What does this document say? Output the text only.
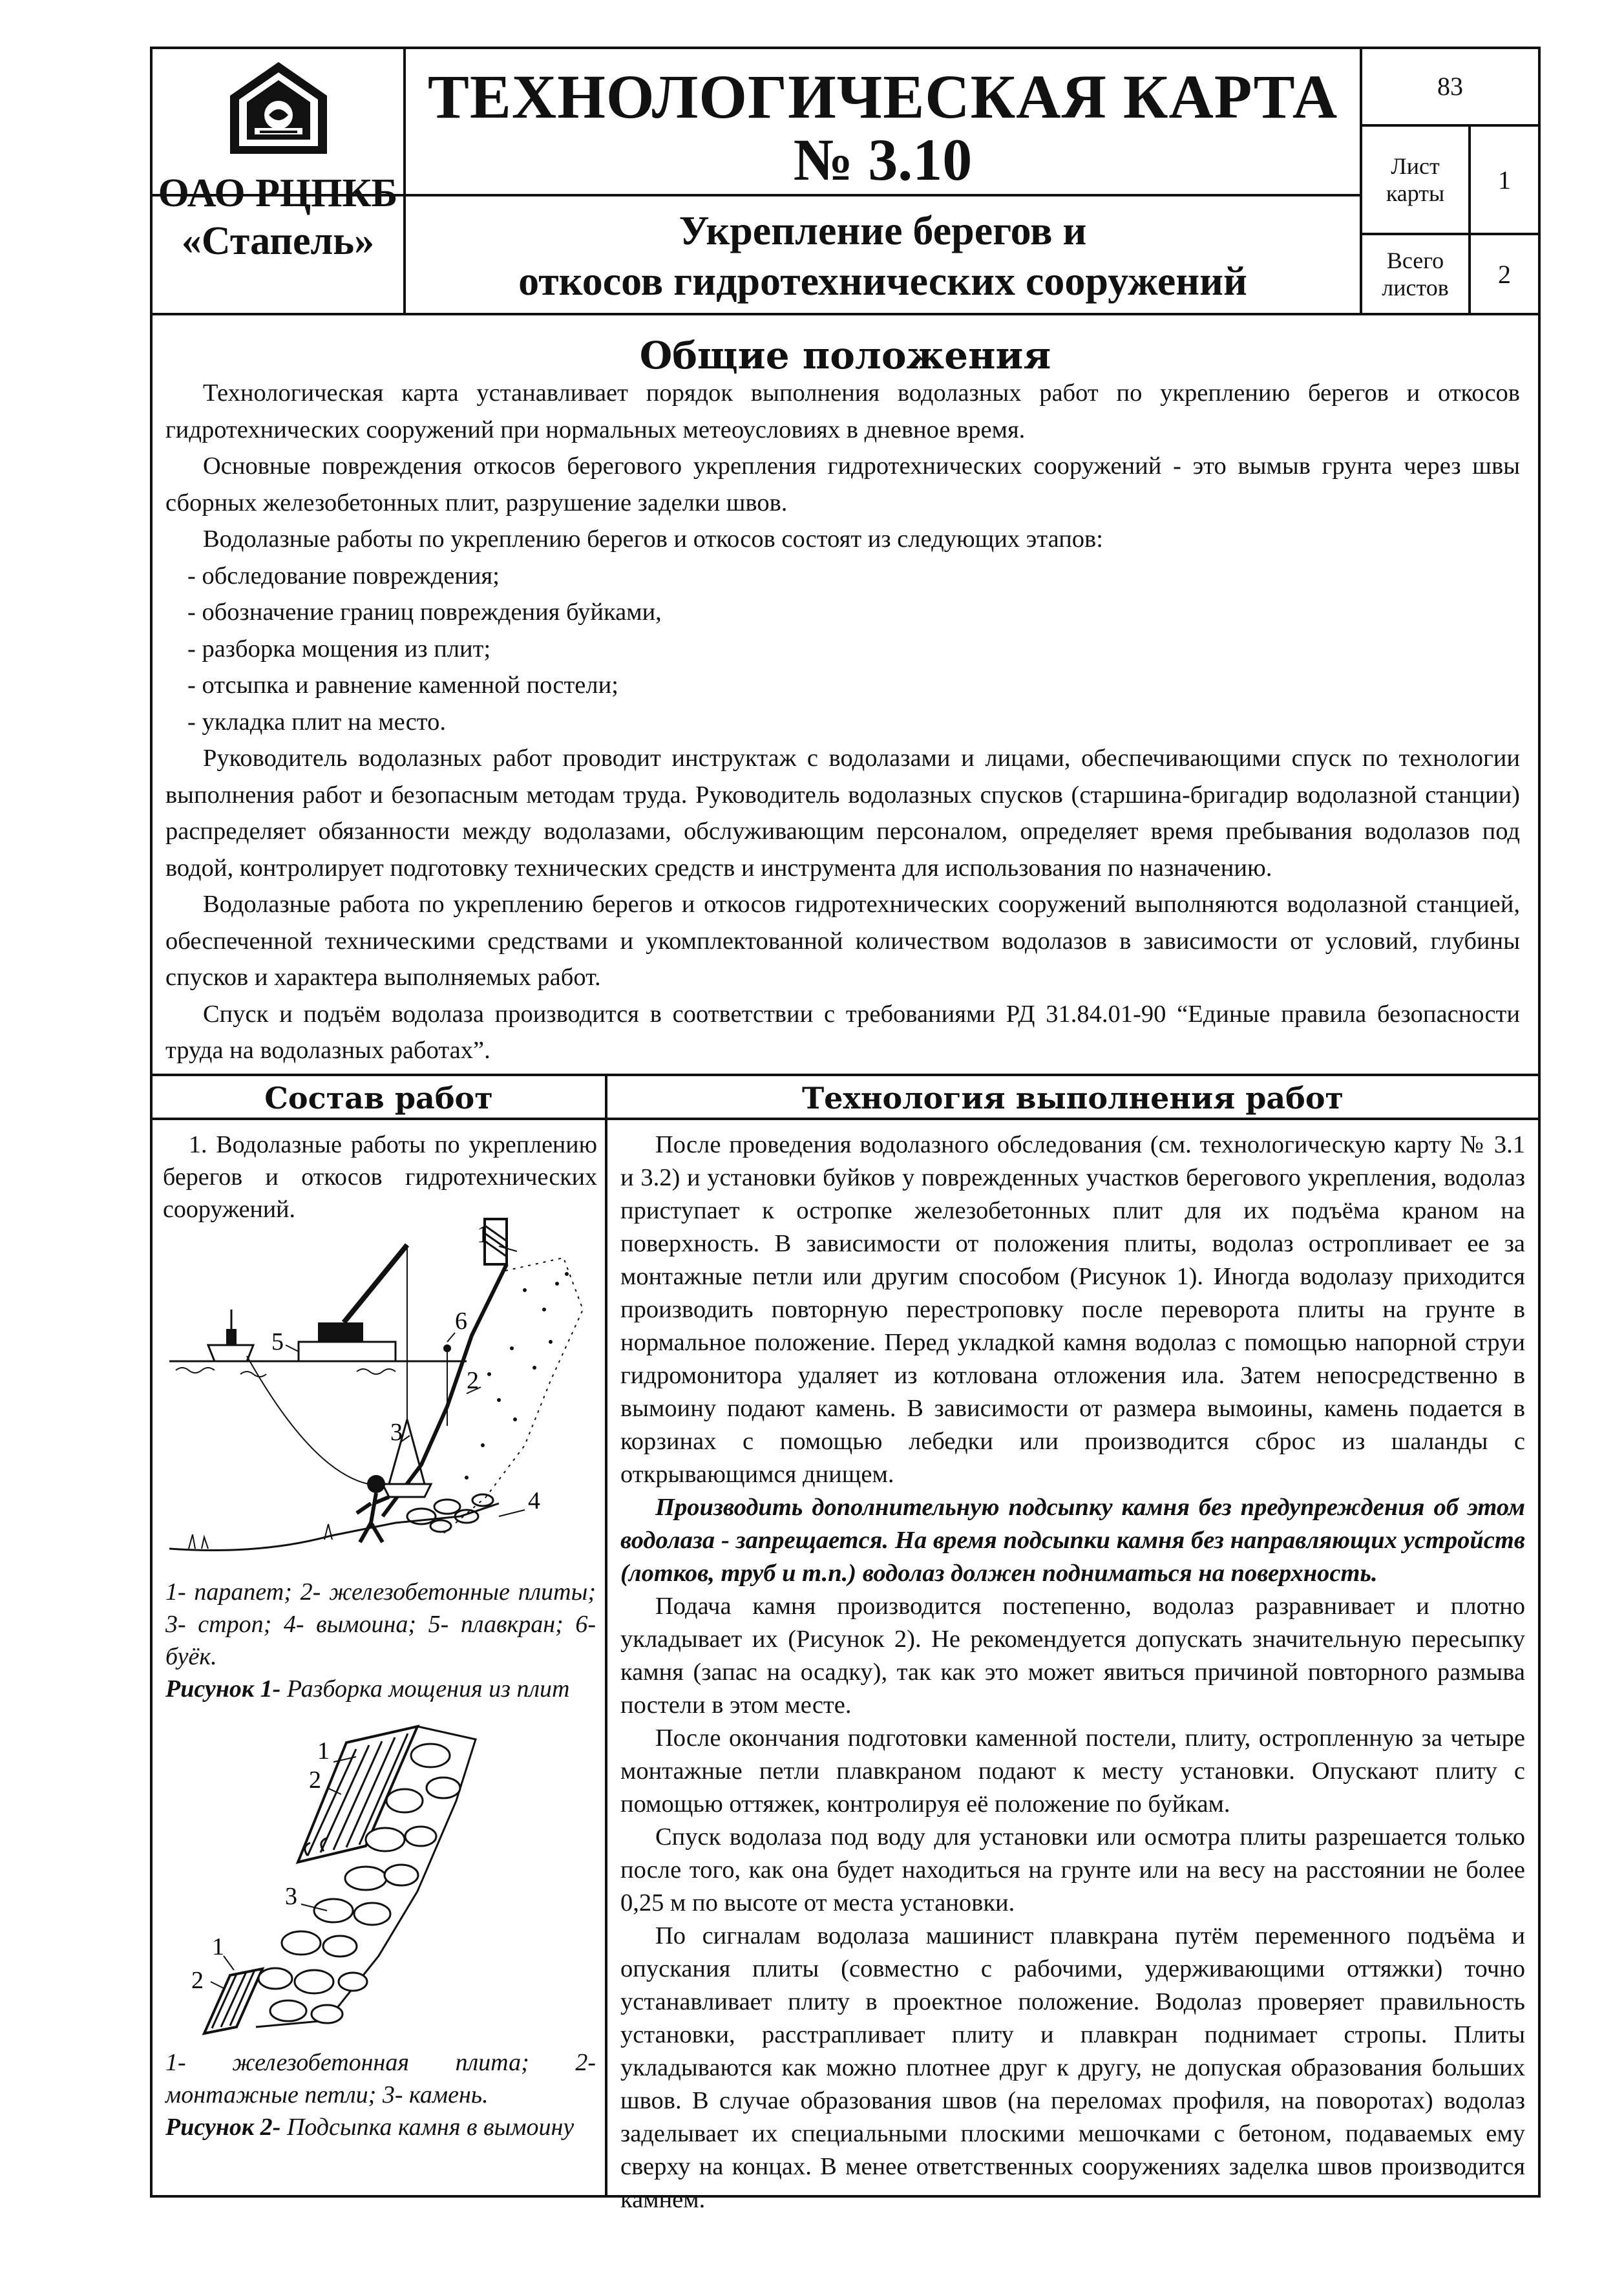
ОАО РЦПКБ
«Стапель»
ТЕХНОЛОГИЧЕСКАЯ КАРТА
№ 3.10
Укрепление берегов и
откосов гидротехнических сооружений
83
Лист
карты	1
Всего
листов	2
Общие положения

Технологическая карта устанавливает порядок выполнения водолазных работ по укреплению берегов и откосов гидротехнических сооружений при нормальных метеоусловиях в дневное время.

Основные повреждения откосов берегового укрепления гидротехнических сооружений - это вымыв грунта через швы сборных железобетонных плит, разрушение заделки швов.

Водолазные работы по укреплению берегов и откосов состоят из следующих этапов:

- обследование повреждения;

- обозначение границ повреждения буйками,

- разборка мощения из плит;

- отсыпка и равнение каменной постели;

- укладка плит на место.

Руководитель водолазных работ проводит инструктаж с водолазами и лицами, обеспечивающими спуск по технологии выполнения работ и безопасным методам труда. Руководитель водолазных спусков (старшина-бригадир водолазной станции) распределяет обязанности между водолазами, обслуживающим персоналом, определяет время пребывания водолазов под водой, контролирует подготовку технических средств и инструмента для использования по назначению.

Водолазные работа по укреплению берегов и откосов гидротехнических сооружений выполняются водолазной станцией, обеспеченной техническими средствами и укомплектованной количеством водолазов в зависимости от условий, глубины спусков и характера выполняемых работ.

Спуск и подъём водолаза производится в соответствии с требованиями РД 31.84.01-90 “Единые правила безопасности труда на водолазных работах”.

Состав работ	Технология выполнения работ

1. Водолазные работы по укреплению берегов и откосов гидротехнических сооружений.

1
2
3
4
5
6
1- парапет; 2- железобетонные плиты; 3- строп; 4- вымоина; 5- плавкран; 6- буёк.
Рисунок 1- Разборка мощения из плит
1
2
3
1
2
1- железобетонная плита; 2- монтажные петли; 3- камень.
Рисунок 2- Подсыпка камня в вымоину

После проведения водолазного обследования (см. технологическую карту № 3.1 и 3.2) и установки буйков у поврежденных участков берегового укрепления, водолаз приступает к остропке железобетонных плит для их подъёма краном на поверхность. В зависимости от положения плиты, водолаз остропливает ее за монтажные петли или другим способом (Рисунок 1). Иногда водолазу приходится производить повторную перестроповку после переворота плиты на грунте в нормальное положение. Перед укладкой камня водолаз с помощью напорной струи гидромонитора удаляет из котлована отложения ила. Затем непосредственно в вымоину подают камень. В зависимости от размера вымоины, камень подается в корзинах с помощью лебедки или производится сброс из шаланды с открывающимся днищем.

Производить дополнительную подсыпку камня без предупреждения об этом водолаза - запрещается. На время подсыпки камня без направляющих устройств (лотков, труб и т.п.) водолаз должен подниматься на поверхность.

Подача камня производится постепенно, водолаз разравнивает и плотно укладывает их (Рисунок 2). Не рекомендуется допускать значительную пересыпку камня (запас на осадку), так как это может явиться причиной повторного размыва постели в этом месте.

После окончания подготовки каменной постели, плиту, остропленную за четыре монтажные петли плавкраном подают к месту установки. Опускают плиту с помощью оттяжек, контролируя её положение по буйкам.

Спуск водолаза под воду для установки или осмотра плиты разрешается только после того, как она будет находиться на грунте или на весу на расстоянии не более 0,25 м по высоте от места установки.

По сигналам водолаза машинист плавкрана путём переменного подъёма и опускания плиты (совместно с рабочими, удерживающими оттяжки) точно устанавливает плиту в проектное положение. Водолаз проверяет правильность установки, расстрапливает плиту и плавкран поднимает стропы. Плиты укладываются как можно плотнее друг к другу, не допуская образования больших швов. В случае образования швов (на переломах профиля, на поворотах) водолаз заделывает их специальными плоскими мешочками с бетоном, подаваемых ему сверху на концах. В менее ответственных сооружениях заделка швов производится камнем.
